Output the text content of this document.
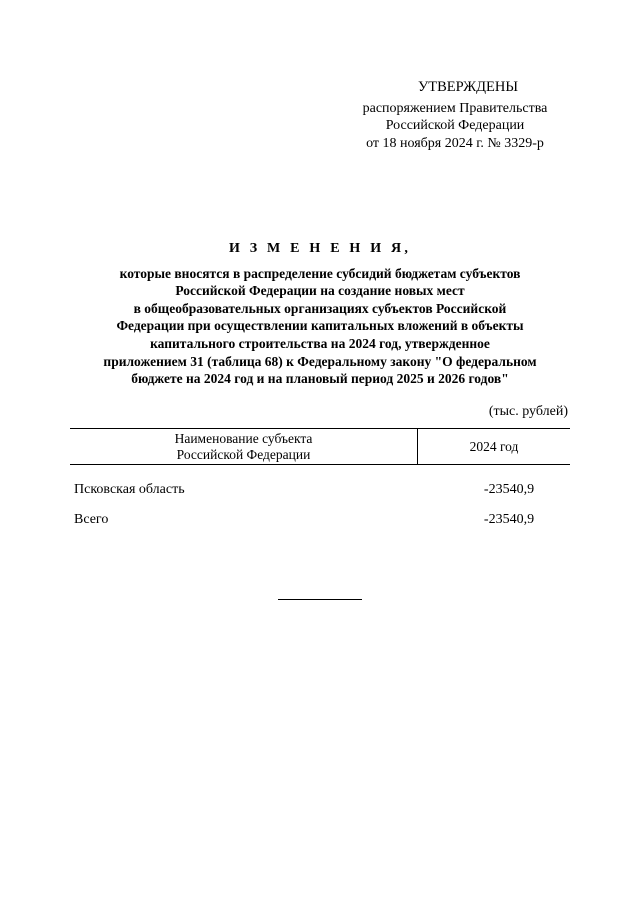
УТВЕРЖДЕНЫ
распоряжением Правительства
Российской Федерации
от 18 ноября 2024 г. № 3329-р
И З М Е Н Е Н И Я,
которые вносятся в распределение субсидий бюджетам субъектов
Российской Федерации на создание новых мест
в общеобразовательных организациях субъектов Российской
Федерации при осуществлении капитальных вложений в объекты
капитального строительства на 2024 год, утвержденное
приложением 31 (таблица 68) к Федеральному закону "О федеральном
бюджете на 2024 год и на плановый период 2025 и 2026 годов"
(тыс. рублей)
Наименование субъекта
Российской Федерации
2024 год
Псковская область	-23540,9
Всего	-23540,9
